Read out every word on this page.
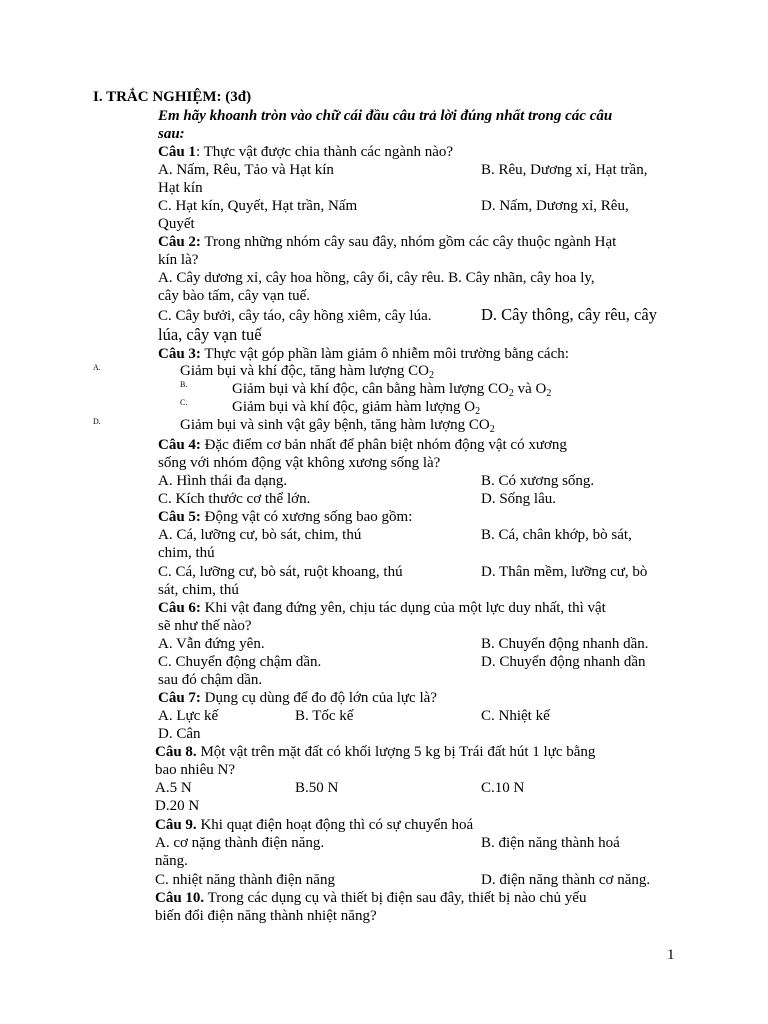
I. TRẮC NGHIỆM: (3đ)
Em hãy khoanh tròn vào chữ cái đầu câu trả lời đúng nhất trong các câu
sau:
Câu 1: Thực vật được chia thành các ngành nào?
A. Nấm, Rêu, Tảo và Hạt kín	B. Rêu, Dương xỉ, Hạt trần,
Hạt kín
C. Hạt kín, Quyết, Hạt trần, Nấm	D. Nấm, Dương xỉ, Rêu,
Quyết
Câu 2: Trong những nhóm cây sau đây, nhóm gồm các cây thuộc ngành Hạt
kín là?
A. Cây dương xỉ, cây hoa hồng, cây ổi, cây rêu. B. Cây nhãn, cây hoa ly,
cây bào tấm, cây vạn tuế.
C. Cây bưởi, cây táo, cây hồng xiêm, cây lúa.	D. Cây thông, cây rêu, cây
lúa, cây vạn tuế
Câu 3: Thực vật góp phần làm giảm ô nhiễm môi trường bằng cách:
A.	Giảm bụi và khí độc, tăng hàm lượng $CO_2$
B.	Giảm bụi và khí độc, cân bằng hàm lượng $CO_2$ và $O_2$
C.	Giảm bụi và khí độc, giảm hàm lượng $O_2$
D.	Giảm bụi và sinh vật gây bệnh, tăng hàm lượng $CO_2$
Câu 4: Đặc điểm cơ bản nhất để phân biệt nhóm động vật có xương
sống với nhóm động vật không xương sống là?
A. Hình thái đa dạng.	B. Có xương sống.
C. Kích thước cơ thể lớn.	D. Sống lâu.
Câu 5: Động vật có xương sống bao gồm:
A. Cá, lưỡng cư, bò sát, chim, thú	B. Cá, chân khớp, bò sát,
chim, thú
C. Cá, lưỡng cư, bò sát, ruột khoang, thú	D. Thân mềm, lưỡng cư, bò
sát, chim, thú
Câu 6: Khi vật đang đứng yên, chịu tác dụng của một lực duy nhất, thì vật
sẽ như thế nào?
A. Vẫn đứng yên.	B. Chuyển động nhanh dần.
C. Chuyển động chậm dần.	D. Chuyển động nhanh dần
sau đó chậm dần.
Câu 7: Dụng cụ dùng để đo độ lớn của lực là?
A. Lực kế	B. Tốc kế	C. Nhiệt kế
D. Cân
Câu 8. Một vật trên mặt đất có khối lượng 5 kg bị Trái đất hút 1 lực bằng
bao nhiêu N?
A.5 N	B.50 N	C.10 N
D.20 N
Câu 9. Khi quạt điện hoạt động thì có sự chuyển hoá
A. cơ nặng thành điện năng.	B. điện năng thành hoá
năng.
C. nhiệt năng thành điện năng	D. điện năng thành cơ năng.
Câu 10. Trong các dụng cụ và thiết bị điện sau đây, thiết bị nào chủ yếu
biến đổi điện năng thành nhiệt năng?
1
